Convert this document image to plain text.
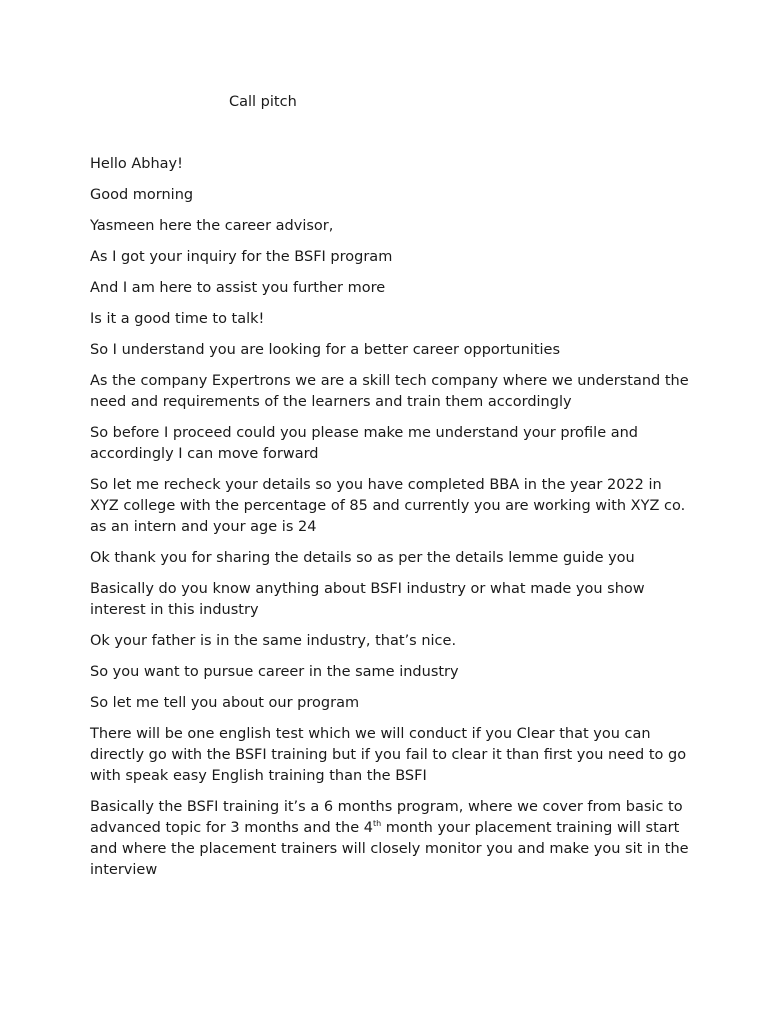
Call pitch

Hello Abhay!

Good morning

Yasmeen here the career advisor,

As I got your inquiry for the BSFI program

And I am here to assist you further more

Is it a good time to talk!

So I understand you are looking for a better career opportunities

As the company Expertrons we are a skill tech company where we understand the need and requirements of the learners and train them accordingly

So before I proceed could you please make me understand your profile and accordingly I can move forward

So let me recheck your details so you have completed BBA in the year 2022 in XYZ college with the percentage of 85 and currently you are working with XYZ co. as an intern and your age is 24

Ok thank you for sharing the details so as per the details lemme guide you

Basically do you know anything about BSFI industry or what made you show interest in this industry

Ok your father is in the same industry, that’s nice.

So you want to pursue career in the same industry

So let me tell you about our program

There will be one english test which we will conduct if you Clear that you can directly go with the BSFI training but if you fail to clear it than first you need to go with speak easy English training than the BSFI

Basically the BSFI training it’s a 6 months program, where we cover from basic to advanced topic for 3 months and the 4th month your placement training will start and where the placement trainers will closely monitor you and make you sit in the interview
